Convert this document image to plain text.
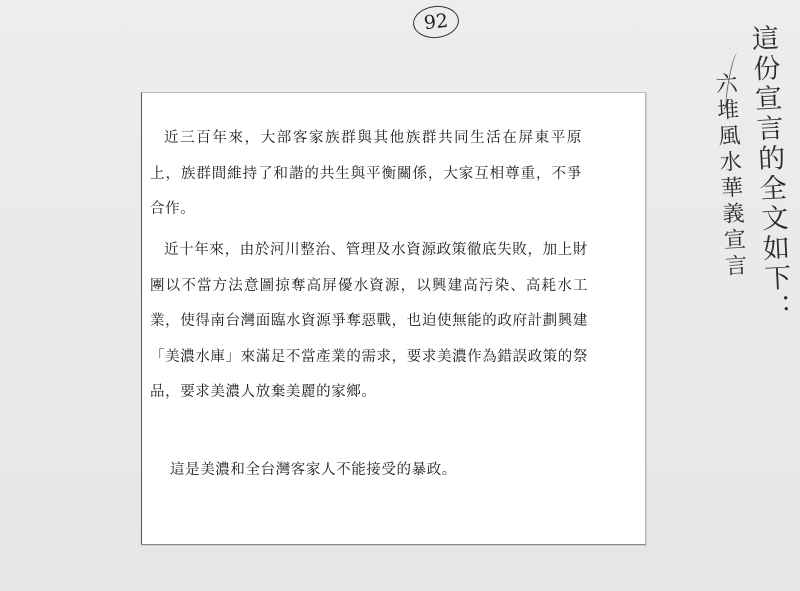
92

近三百年來，大部客家族群與其他族群共同生活在屏東平原上，族群間維持了和諧的共生與平衡關係，大家互相尊重，不爭合作。

近十年來，由於河川整治、管理及水資源政策徹底失敗，加上財團以不當方法意圖掠奪高屏優水資源，以興建高污染、高耗水工業，使得南台灣面臨水資源爭奪惡戰，也迫使無能的政府計劃興建「美濃水庫」來滿足不當產業的需求，要求美濃作為錯誤政策的祭品，要求美濃人放棄美麗的家鄉。

這是美濃和全台灣客家人不能接受的暴政。

這份宣言的全文如下：

六堆風水華義宣言
